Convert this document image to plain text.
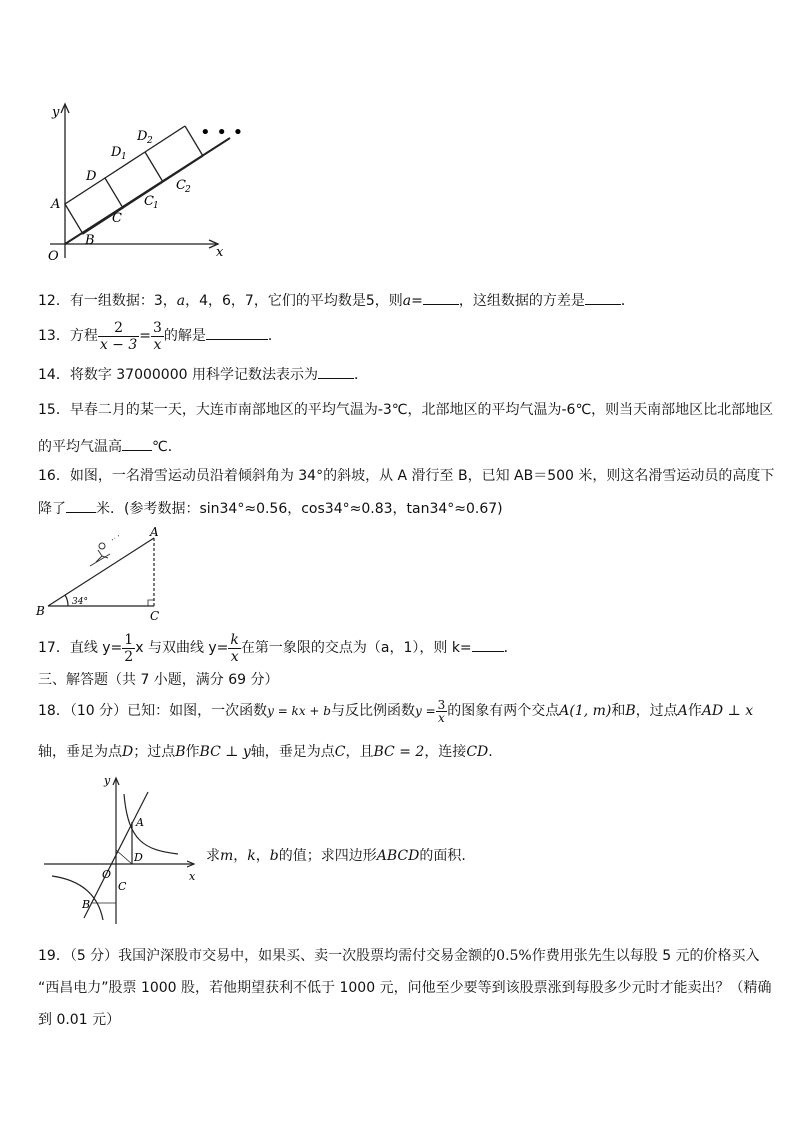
y
x
O
A
B
C
D
D 1
D 2
C 1
C 2
• • •
12．有一组数据：3，a，4，6，7，它们的平均数是5，则a=	，这组数据的方差是	．
13．方程 $\frac{2}{x - 3} = \frac{3}{x}$ 的解是	．
14．将数字 37000000 用科学记数法表示为	．
15．早春二月的某一天，大连市南部地区的平均气温为-3℃，北部地区的平均气温为-6℃，则当天南部地区比北部地区
的平均气温高 ℃．
16．如图，一名滑雪运动员沿着倾斜角为 34°的斜坡，从 A 滑行至 B，已知 AB＝500 米，则这名滑雪运动员的高度下
降了 米．(参考数据：sin34°≈0.56，cos34°≈0.83，tan34°≈0.67)
A
B	C
34°
17．直线 $y= \frac{1}{2}$ x 与双曲线 $y= \frac{k}{x}$ 在第一象限的交点为（a，1），则 k= ．
三、解答题（共 7 小题，满分 69 分）
18．（10 分）已知：如图，一次函数y = kx + b与反比例函数$y = \frac{3}{x}$ 的图象有两个交点A(1, m)和B，过点A作AD ⊥ x
轴，垂足为点D；过点B作BC ⊥ y轴，垂足为点C，且BC = 2，连接CD.
y
x
O
A
B
C
D	求m，k，b的值；求四边形ABCD的面积.
19．（5 分）我国沪深股市交易中，如果买、卖一次股票均需付交易金额的0.5%作费用张先生以每股 5 元的价格买入
“西昌电力”股票 1000 股，若他期望获利不低于 1000 元，问他至少要等到该股票涨到每股多少元时才能卖出？（精确
到 0.01 元）
